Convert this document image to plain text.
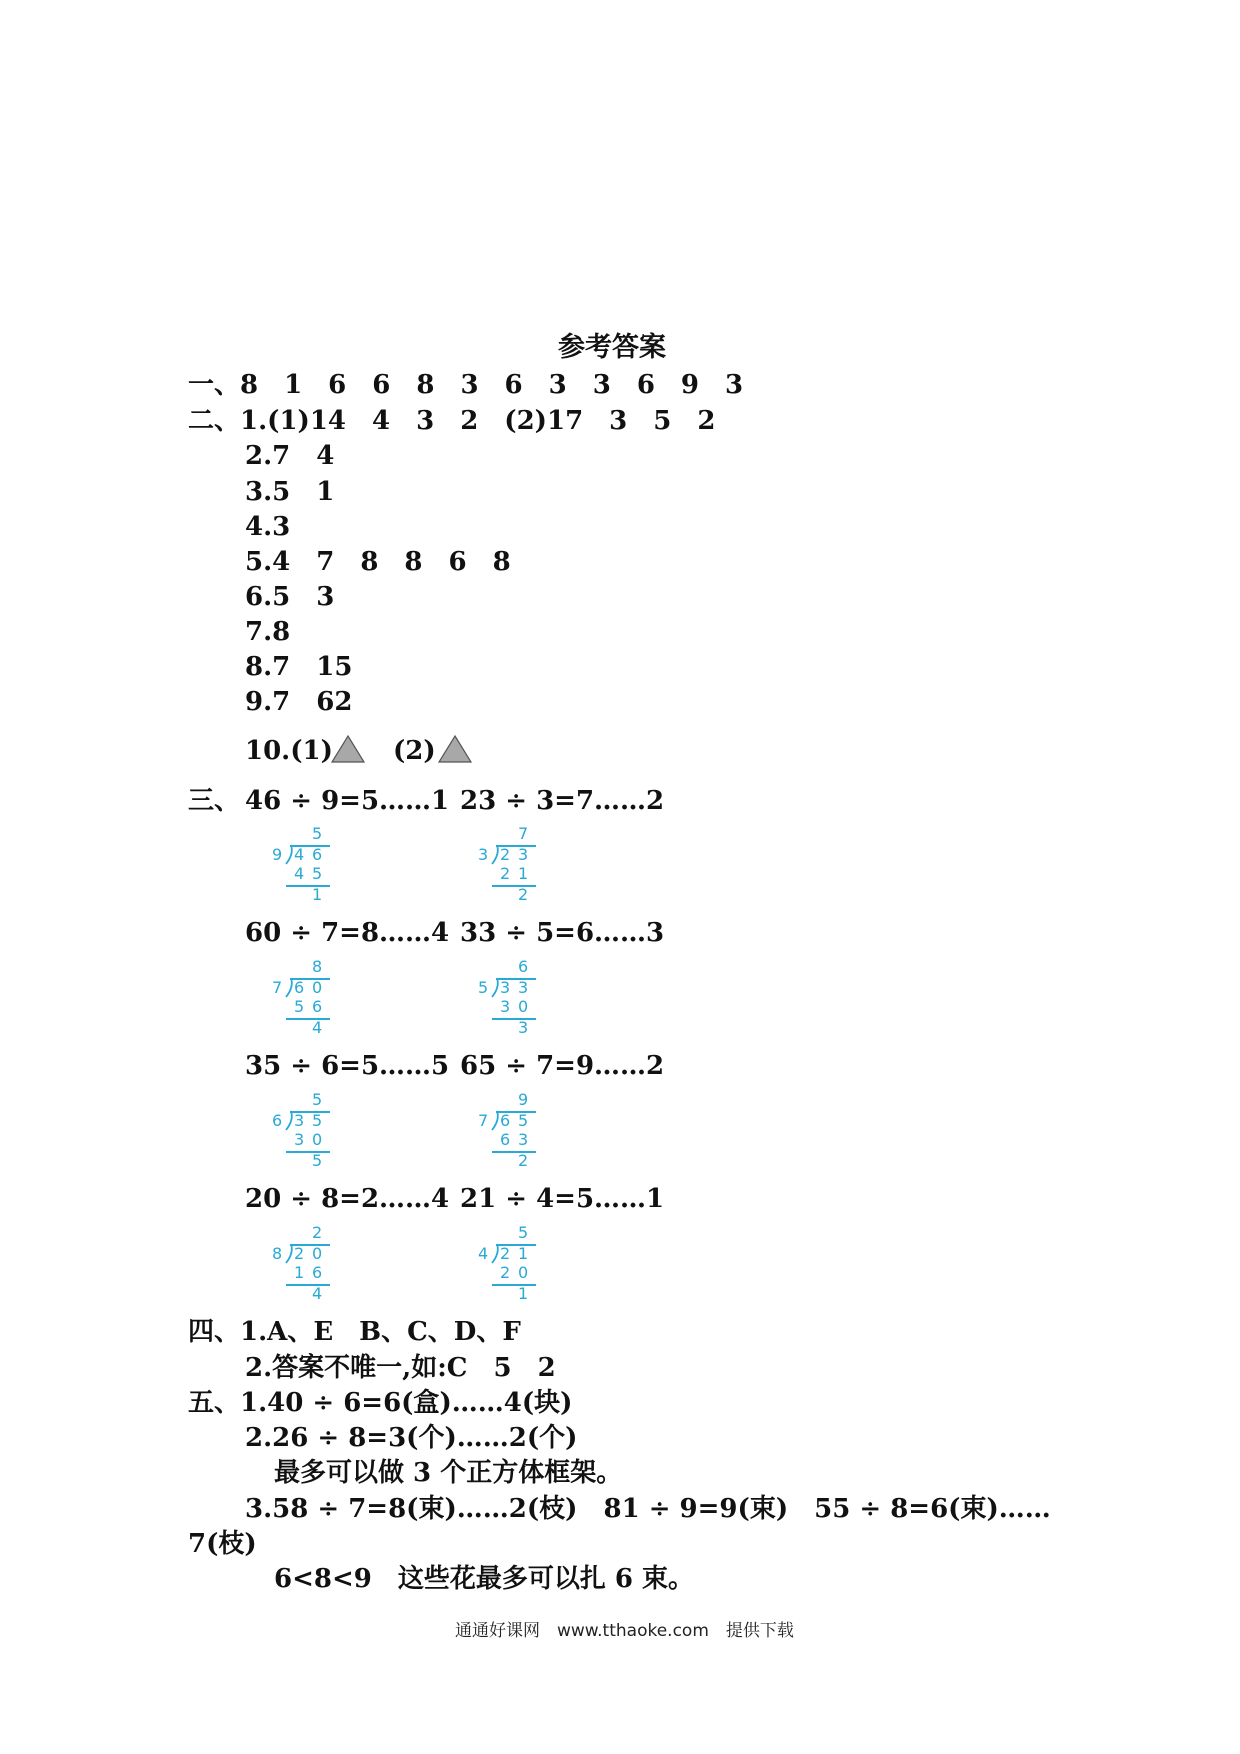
参考答案
一、8　1　6　6　8　3　6　3　3　6　9　3
二、1.(1)14　4　3　2　(2)17　3　5　2
2.7　4
3.5　1
4.3
5.4　7　8　8　6　8
6.5　3
7.8
8.7　15
9.7　62
10.(1) (2)
三、 46 ÷ 9=5……1 23 ÷ 3=7……2
60 ÷ 7=8……4 33 ÷ 5=6……3
35 ÷ 6=5……5 65 ÷ 7=9……2
20 ÷ 8=2……4 21 ÷ 4=5……1
5
9 4 6
4 5
1
7
3 2 3
2 1
2
8
7 6 0
5 6
4
6
5 3 3
3 0
3
5
6 3 5
3 0
5
9
7 6 5
6 3
2
2
8 2 0
1 6
4
5
4 2 1
2 0
1
四、1.A、E　B、C、D、F
2.答案不唯一,如:C　5　2
五、1.40 ÷ 6=6(盒)……4(块)
2.26 ÷ 8=3(个)……2(个)
最多可以做 3 个正方体框架。
3.58 ÷ 7=8(束)……2(枝)　81 ÷ 9=9(束)　55 ÷ 8=6(束)……
7(枝)
6<8<9　这些花最多可以扎 6 束。
通通好课网　www.tthaoke.com　提供下载
